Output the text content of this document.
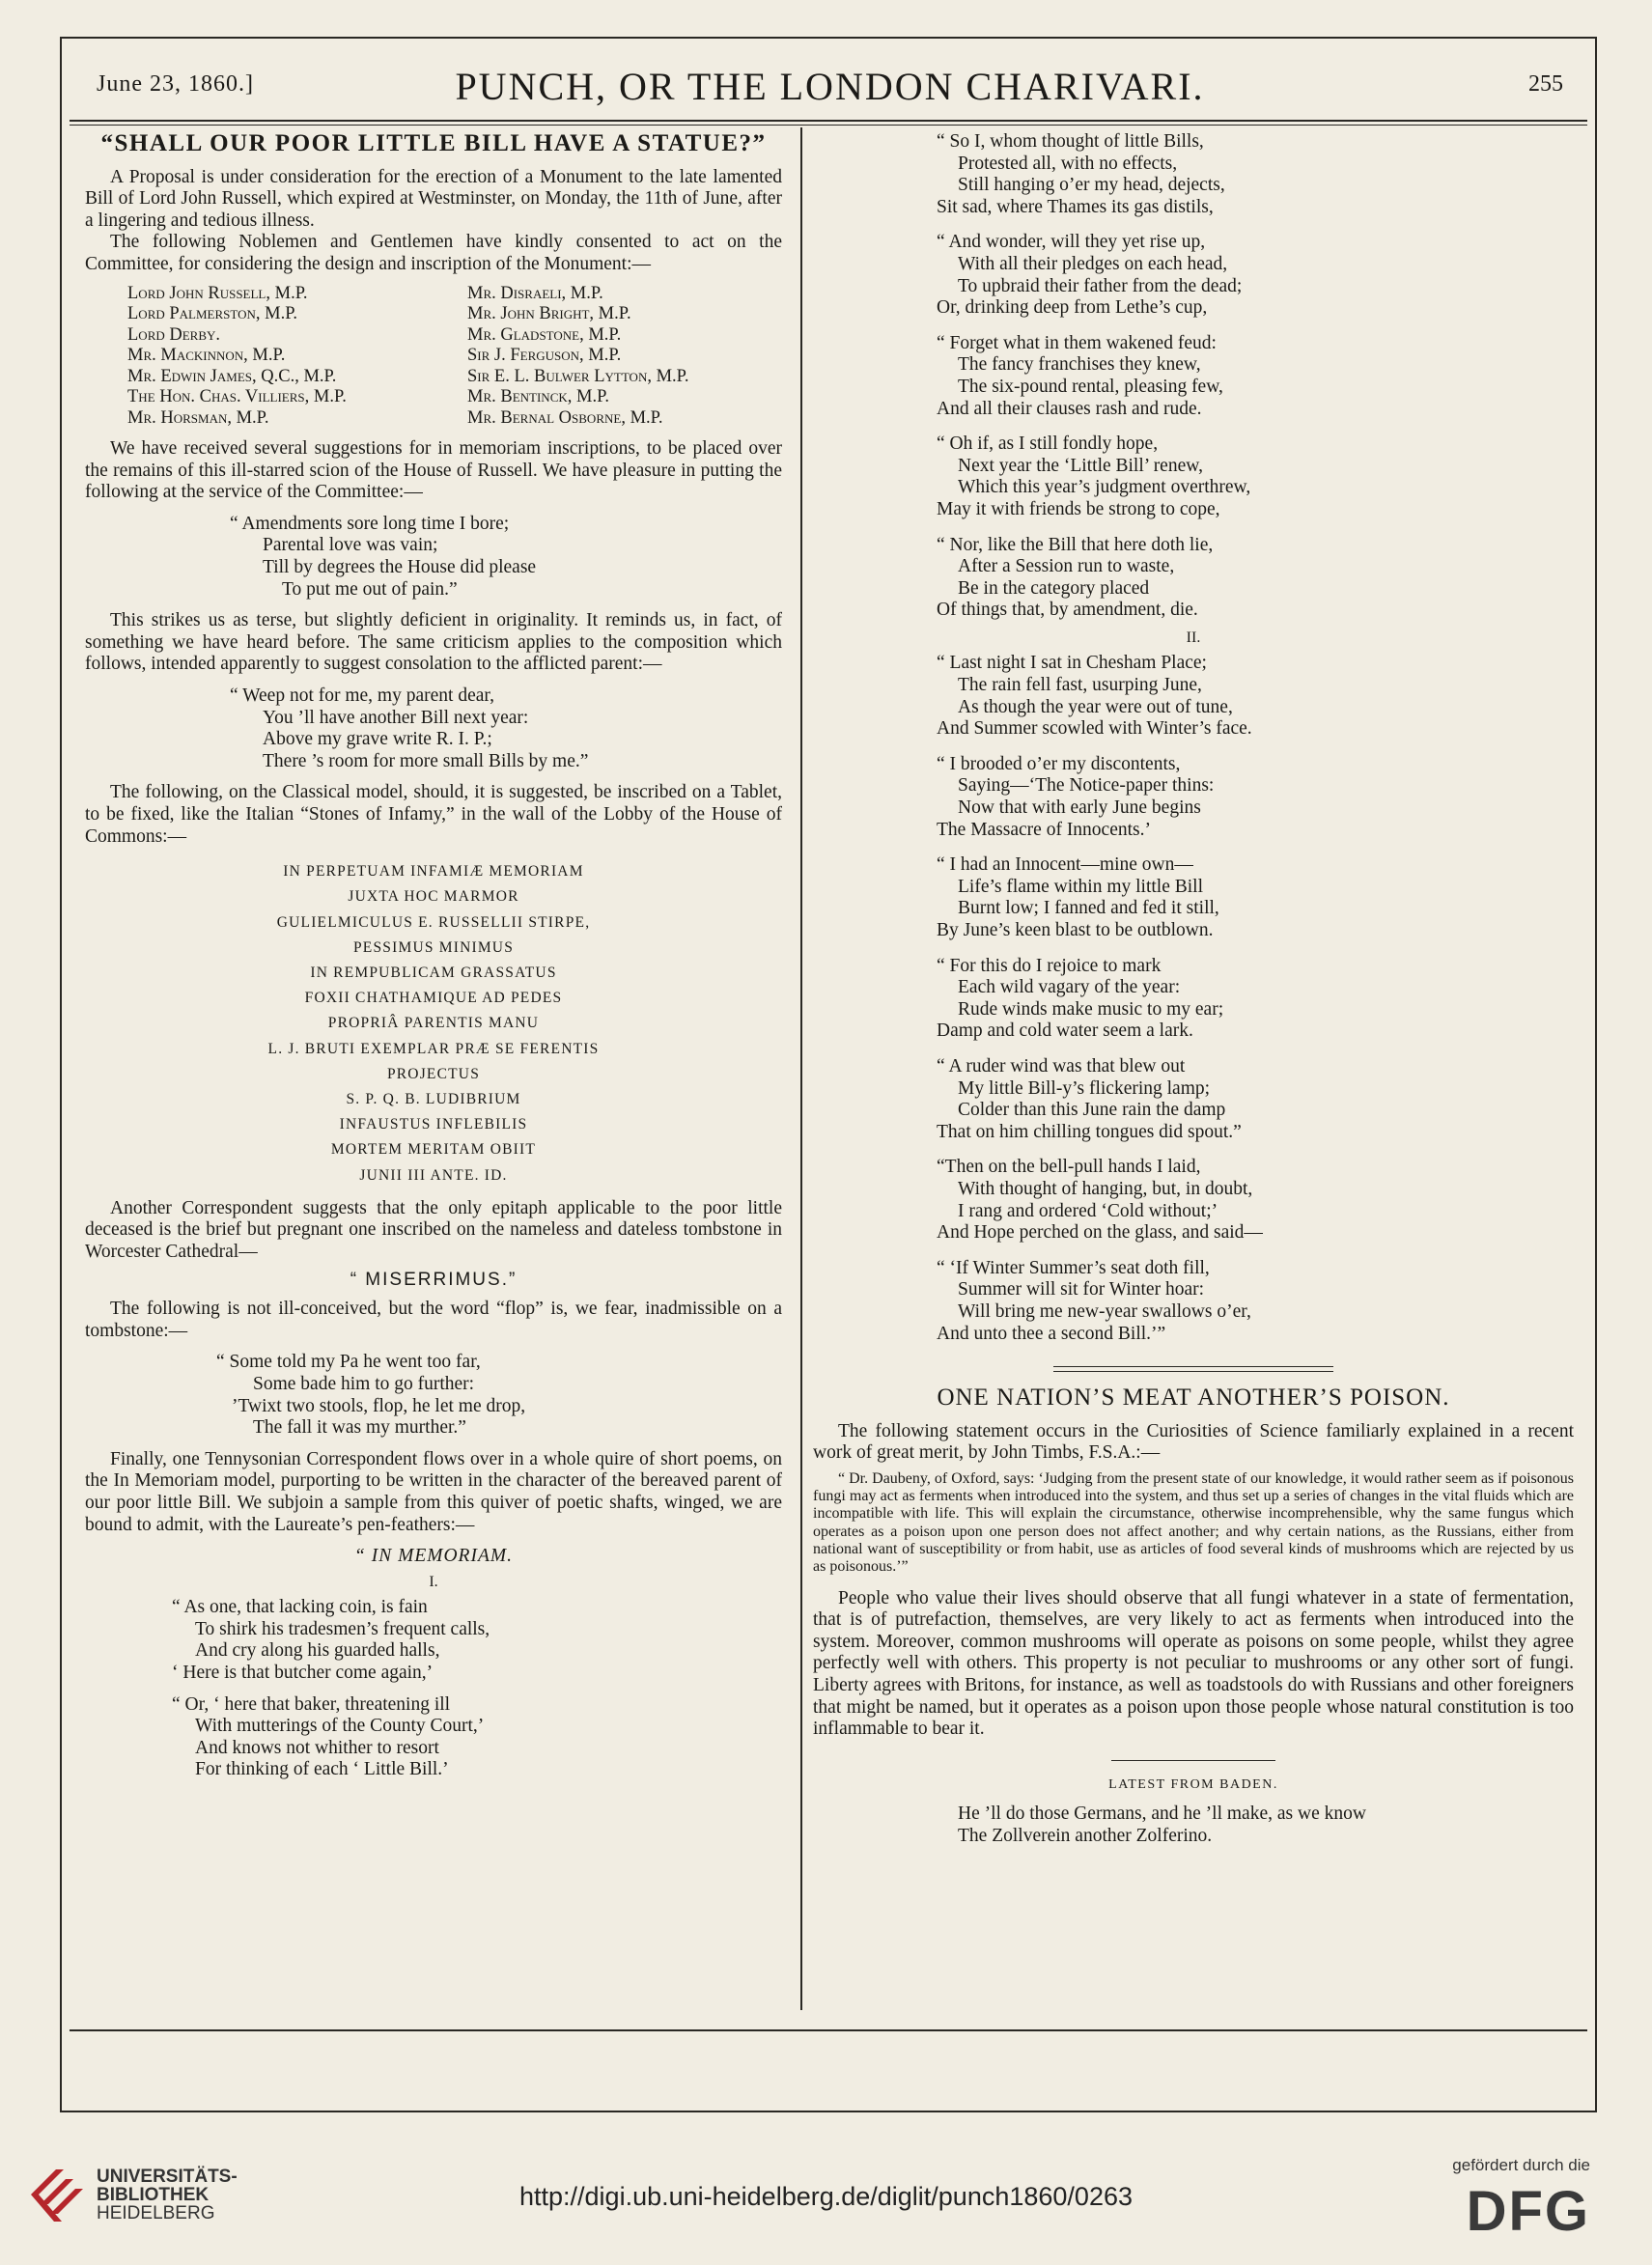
June 23, 1860.]	PUNCH, OR THE LONDON CHARIVARI.	255
“SHALL OUR POOR LITTLE BILL HAVE A STATUE?”

A Proposal is under consideration for the erection of a Monument to the late lamented Bill of Lord John Russell, which expired at Westminster, on Monday, the 11th of June, after a lingering and tedious illness.

The following Noblemen and Gentlemen have kindly consented to act on the Committee, for considering the design and inscription of the Monument:—

Lord John Russell, M.P.	Mr. Disraeli, M.P.
Lord Palmerston, M.P.	Mr. John Bright, M.P.
Lord Derby.	Mr. Gladstone, M.P.
Mr. Mackinnon, M.P.	Sir J. Ferguson, M.P.
Mr. Edwin James, Q.C., M.P.	Sir E. L. Bulwer Lytton, M.P.
The Hon. Chas. Villiers, M.P.	Mr. Bentinck, M.P.
Mr. Horsman, M.P.	Mr. Bernal Osborne, M.P.

We have received several suggestions for in memoriam inscriptions, to be placed over the remains of this ill-starred scion of the House of Russell. We have pleasure in putting the following at the service of the Committee:—

“ Amendments sore long time I bore;
Parental love was vain;
Till by degrees the House did please
To put me out of pain.”

This strikes us as terse, but slightly deficient in originality. It reminds us, in fact, of something we have heard before. The same criticism applies to the composition which follows, intended apparently to suggest consolation to the afflicted parent:—

“ Weep not for me, my parent dear,
You ’ll have another Bill next year:
Above my grave write R. I. P.;
There ’s room for more small Bills by me.”

The following, on the Classical model, should, it is suggested, be inscribed on a Tablet, to be fixed, like the Italian “Stones of Infamy,” in the wall of the Lobby of the House of Commons:—

IN PERPETUAM INFAMIÆ MEMORIAM
JUXTA HOC MARMOR
GULIELMICULUS E. RUSSELLII STIRPE,
PESSIMUS MINIMUS
IN REMPUBLICAM GRASSATUS
FOXII CHATHAMIQUE AD PEDES
PROPRIÂ PARENTIS MANU
L. J. BRUTI EXEMPLAR PRÆ SE FERENTIS
PROJECTUS
S. P. Q. B. LUDIBRIUM
INFAUSTUS INFLEBILIS
MORTEM MERITAM OBIIT
JUNII III ANTE. ID.

Another Correspondent suggests that the only epitaph applicable to the poor little deceased is the brief but pregnant one inscribed on the nameless and dateless tombstone in Worcester Cathedral—

“ MISERRIMUS.”

The following is not ill-conceived, but the word “flop” is, we fear, inadmissible on a tombstone:—

“ Some told my Pa he went too far,
Some bade him to go further:
’Twixt two stools, flop, he let me drop,
The fall it was my murther.”

Finally, one Tennysonian Correspondent flows over in a whole quire of short poems, on the In Memoriam model, purporting to be written in the character of the bereaved parent of our poor little Bill. We subjoin a sample from this quiver of poetic shafts, winged, we are bound to admit, with the Laureate’s pen-feathers:—

“ IN MEMORIAM.
I.
“ As one, that lacking coin, is fain
To shirk his tradesmen’s frequent calls,
And cry along his guarded halls,
‘ Here is that butcher come again,’
“ Or, ‘ here that baker, threatening ill
With mutterings of the County Court,’
And knows not whither to resort
For thinking of each ‘ Little Bill.’
“ So I, whom thought of little Bills,
Protested all, with no effects,
Still hanging o’er my head, dejects,
Sit sad, where Thames its gas distils,
“ And wonder, will they yet rise up,
With all their pledges on each head,
To upbraid their father from the dead;
Or, drinking deep from Lethe’s cup,
“ Forget what in them wakened feud:
The fancy franchises they knew,
The six-pound rental, pleasing few,
And all their clauses rash and rude.
“ Oh if, as I still fondly hope,
Next year the ‘Little Bill’ renew,
Which this year’s judgment overthrew,
May it with friends be strong to cope,
“ Nor, like the Bill that here doth lie,
After a Session run to waste,
Be in the category placed
Of things that, by amendment, die.
II.
“ Last night I sat in Chesham Place;
The rain fell fast, usurping June,
As though the year were out of tune,
And Summer scowled with Winter’s face.
“ I brooded o’er my discontents,
Saying—‘The Notice-paper thins:
Now that with early June begins
The Massacre of Innocents.’
“ I had an Innocent—mine own—
Life’s flame within my little Bill
Burnt low; I fanned and fed it still,
By June’s keen blast to be outblown.
“ For this do I rejoice to mark
Each wild vagary of the year:
Rude winds make music to my ear;
Damp and cold water seem a lark.
“ A ruder wind was that blew out
My little Bill-y’s flickering lamp;
Colder than this June rain the damp
That on him chilling tongues did spout.”
“Then on the bell-pull hands I laid,
With thought of hanging, but, in doubt,
I rang and ordered ‘Cold without;’
And Hope perched on the glass, and said—
“ ‘If Winter Summer’s seat doth fill,
Summer will sit for Winter hoar:
Will bring me new-year swallows o’er,
And unto thee a second Bill.’”
ONE NATION’S MEAT ANOTHER’S POISON.

The following statement occurs in the Curiosities of Science familiarly explained in a recent work of great merit, by John Timbs, F.S.A.:—

“ Dr. Daubeny, of Oxford, says: ‘Judging from the present state of our knowledge, it would rather seem as if poisonous fungi may act as ferments when introduced into the system, and thus set up a series of changes in the vital fluids which are incompatible with life. This will explain the circumstance, otherwise incomprehensible, why the same fungus which operates as a poison upon one person does not affect another; and why certain nations, as the Russians, either from national want of susceptibility or from habit, use as articles of food several kinds of mushrooms which are rejected by us as poisonous.’”

People who value their lives should observe that all fungi whatever in a state of fermentation, that is of putrefaction, themselves, are very likely to act as ferments when introduced into the system. Moreover, common mushrooms will operate as poisons on some people, whilst they agree perfectly well with others. This property is not peculiar to mushrooms or any other sort of fungi. Liberty agrees with Britons, for instance, as well as toadstools do with Russians and other foreigners that might be named, but it operates as a poison upon those people whose natural constitution is too inflammable to bear it.

LATEST FROM BADEN.
He ’ll do those Germans, and he ’ll make, as we know
The Zollverein another Zolferino.
UNIVERSITÄTS-
BIBLIOTHEK
HEIDELBERG
http://digi.ub.uni-heidelberg.de/diglit/punch1860/0263
gefördert durch die
DFG
